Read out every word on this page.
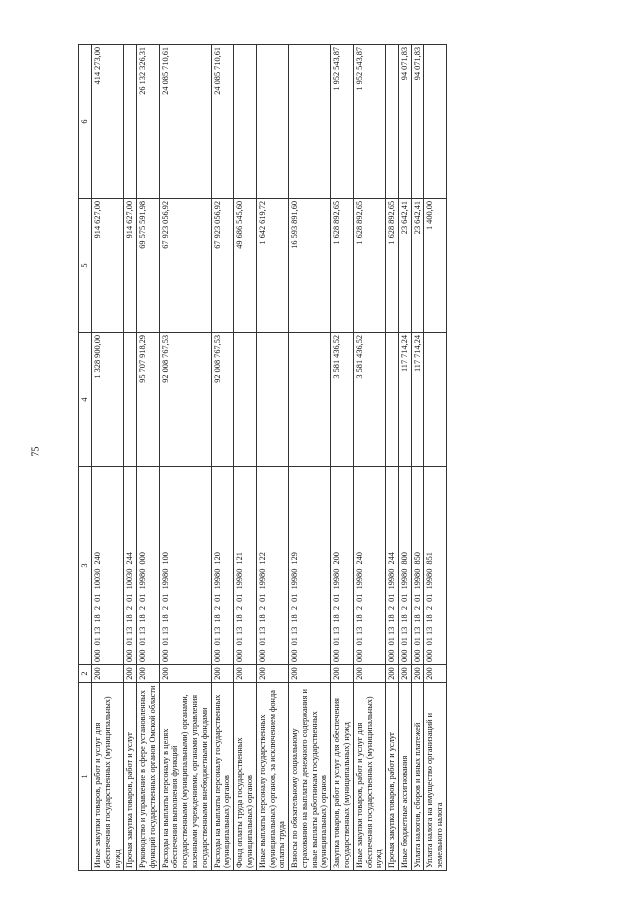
75
1	2	3	4	5	6
Иные закупки товаров, работ и услуг для обеспечения государственных (муниципальных) нужд	200	000  01 13  18  2  01  10030  240	1 328 900,00	914 627,00	414 273,00
Прочая закупка товаров, работ и услуг	200	000  01 13  18  2  01  10030  244		914 627,00	
Руководство и управление в сфере установленных функций государственных органов Омской области	200	000  01 13  18  2  01  19980  000	95 707 918,29	69 575 591,98	26 132 326,31
Расходы на выплаты персоналу в целях обеспечения выполнения функций государственными (муниципальными) органами, казенными учреждениями, органами управления государственными внебюджетными фондами	200	000  01 13  18  2  01  19980  100	92 008 767,53	67 923 056,92	24 085 710,61
Расходы на выплаты персоналу государственных (муниципальных) органов	200	000  01 13  18  2  01  19980  120	92 008 767,53	67 923 056,92	24 085 710,61
Фонд оплаты труда государственных (муниципальных) органов	200	000  01 13  18  2  01  19980  121		49 686 545,60	
Иные выплаты персоналу государственных (муниципальных) органов, за исключением фонда оплаты труда	200	000  01 13  18  2  01  19980  122		1 642 619,72	
Взносы по обязательному социальному страхованию на выплаты денежного содержания и иные выплаты работникам государственных (муниципальных) органов	200	000  01 13  18  2  01  19980  129		16 593 891,60	
Закупка товаров, работ и услуг для обеспечения государственных (муниципальных) нужд	200	000  01 13  18  2  01  19980  200	3 581 436,52	1 628 892,65	1 952 543,87
Иные закупки товаров, работ и услуг для обеспечения государственных (муниципальных) нужд	200	000  01 13  18  2  01  19980  240	3 581 436,52	1 628 892,65	1 952 543,87
Прочая закупка товаров, работ и услуг	200	000  01 13  18  2  01  19980  244		1 628 892,65	
Иные бюджетные ассигнования	200	000  01 13  18  2  01  19980  800	117 714,24	23 642,41	94 071,83
Уплата налогов, сборов и иных платежей	200	000  01 13  18  2  01  19980  850	117 714,24	23 642,41	94 071,83
Уплата налога на имущество организаций и земельного налога	200	000  01 13  18  2  01  19980  851		1 400,00	
